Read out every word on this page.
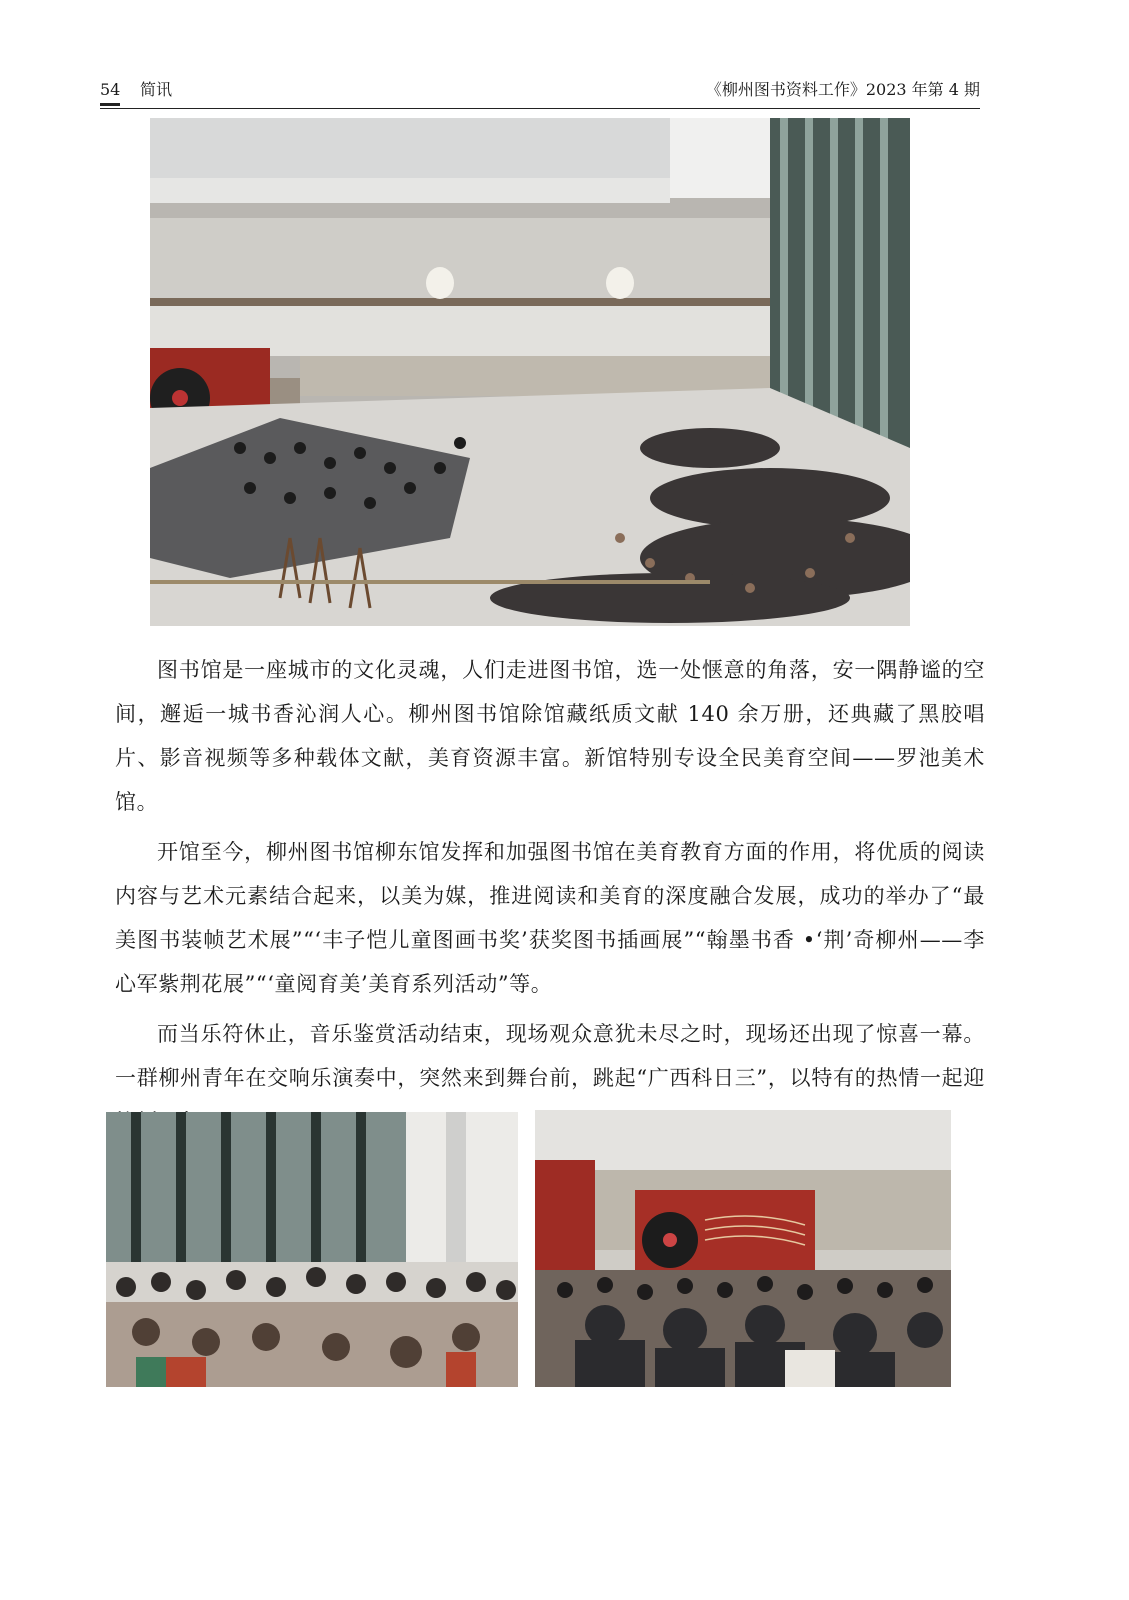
54 简讯	《柳州图书资料工作》2023 年第 4 期

图书馆是一座城市的文化灵魂，人们走进图书馆，选一处惬意的角落，安一隅静谧的空间，邂逅一城书香沁润人心。柳州图书馆除馆藏纸质文献 140 余万册，还典藏了黑胶唱片、影音视频等多种载体文献，美育资源丰富。新馆特别专设全民美育空间——罗池美术馆。

开馆至今，柳州图书馆柳东馆发挥和加强图书馆在美育教育方面的作用，将优质的阅读内容与艺术元素结合起来，以美为媒，推进阅读和美育的深度融合发展，成功的举办了“最美图书装帧艺术展”“‘丰子恺儿童图画书奖’获奖图书插画展”“翰墨书香 •‘荆’奇柳州——李心军紫荆花展”“‘童阅育美’美育系列活动”等。

而当乐符休止，音乐鉴赏活动结束，现场观众意犹未尽之时，现场还出现了惊喜一幕。一群柳州青年在交响乐演奏中，突然来到舞台前，跳起“广西科日三”，以特有的热情一起迎
